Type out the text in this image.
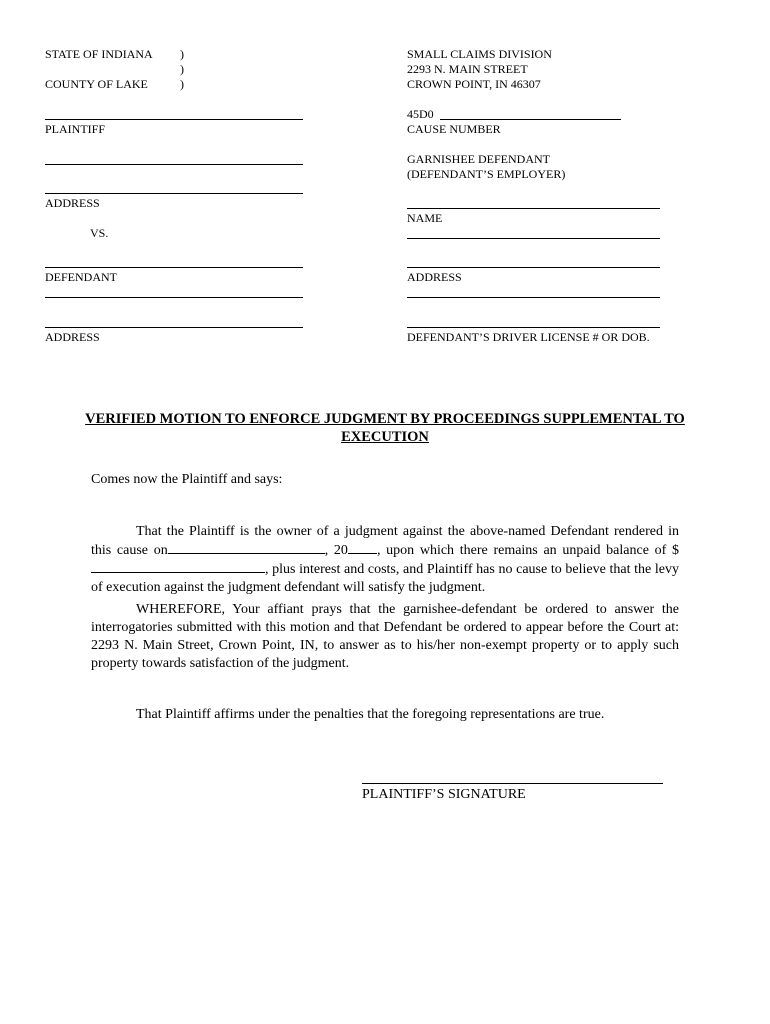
STATE OF INDIANA )
)
COUNTY OF LAKE	)
PLAINTIFF
ADDRESS
VS.
DEFENDANT
ADDRESS
SMALL CLAIMS DIVISION
2293 N. MAIN STREET
CROWN POINT, IN 46307
45D0
CAUSE NUMBER
GARNISHEE DEFENDANT
(DEFENDANT’S EMPLOYER)
NAME
ADDRESS
DEFENDANT’S DRIVER LICENSE # OR DOB.
VERIFIED MOTION TO ENFORCE JUDGMENT BY PROCEEDINGS SUPPLEMENTAL TO EXECUTION
Comes now the Plaintiff and says:
That the Plaintiff is the owner of a judgment against the above-named Defendant rendered in this cause on	, 20 , upon which there remains an unpaid balance of $, plus interest and costs, and Plaintiff has no cause to believe that the levy of execution against the judgment defendant will satisfy the judgment.
WHEREFORE, Your affiant prays that the garnishee-defendant be ordered to answer the interrogatories submitted with this motion and that Defendant be ordered to appear before the Court at: 2293 N. Main Street, Crown Point, IN, to answer as to his/her non-exempt property or to apply such property towards satisfaction of the judgment.
That Plaintiff affirms under the penalties that the foregoing representations are true.
PLAINTIFF’S SIGNATURE
